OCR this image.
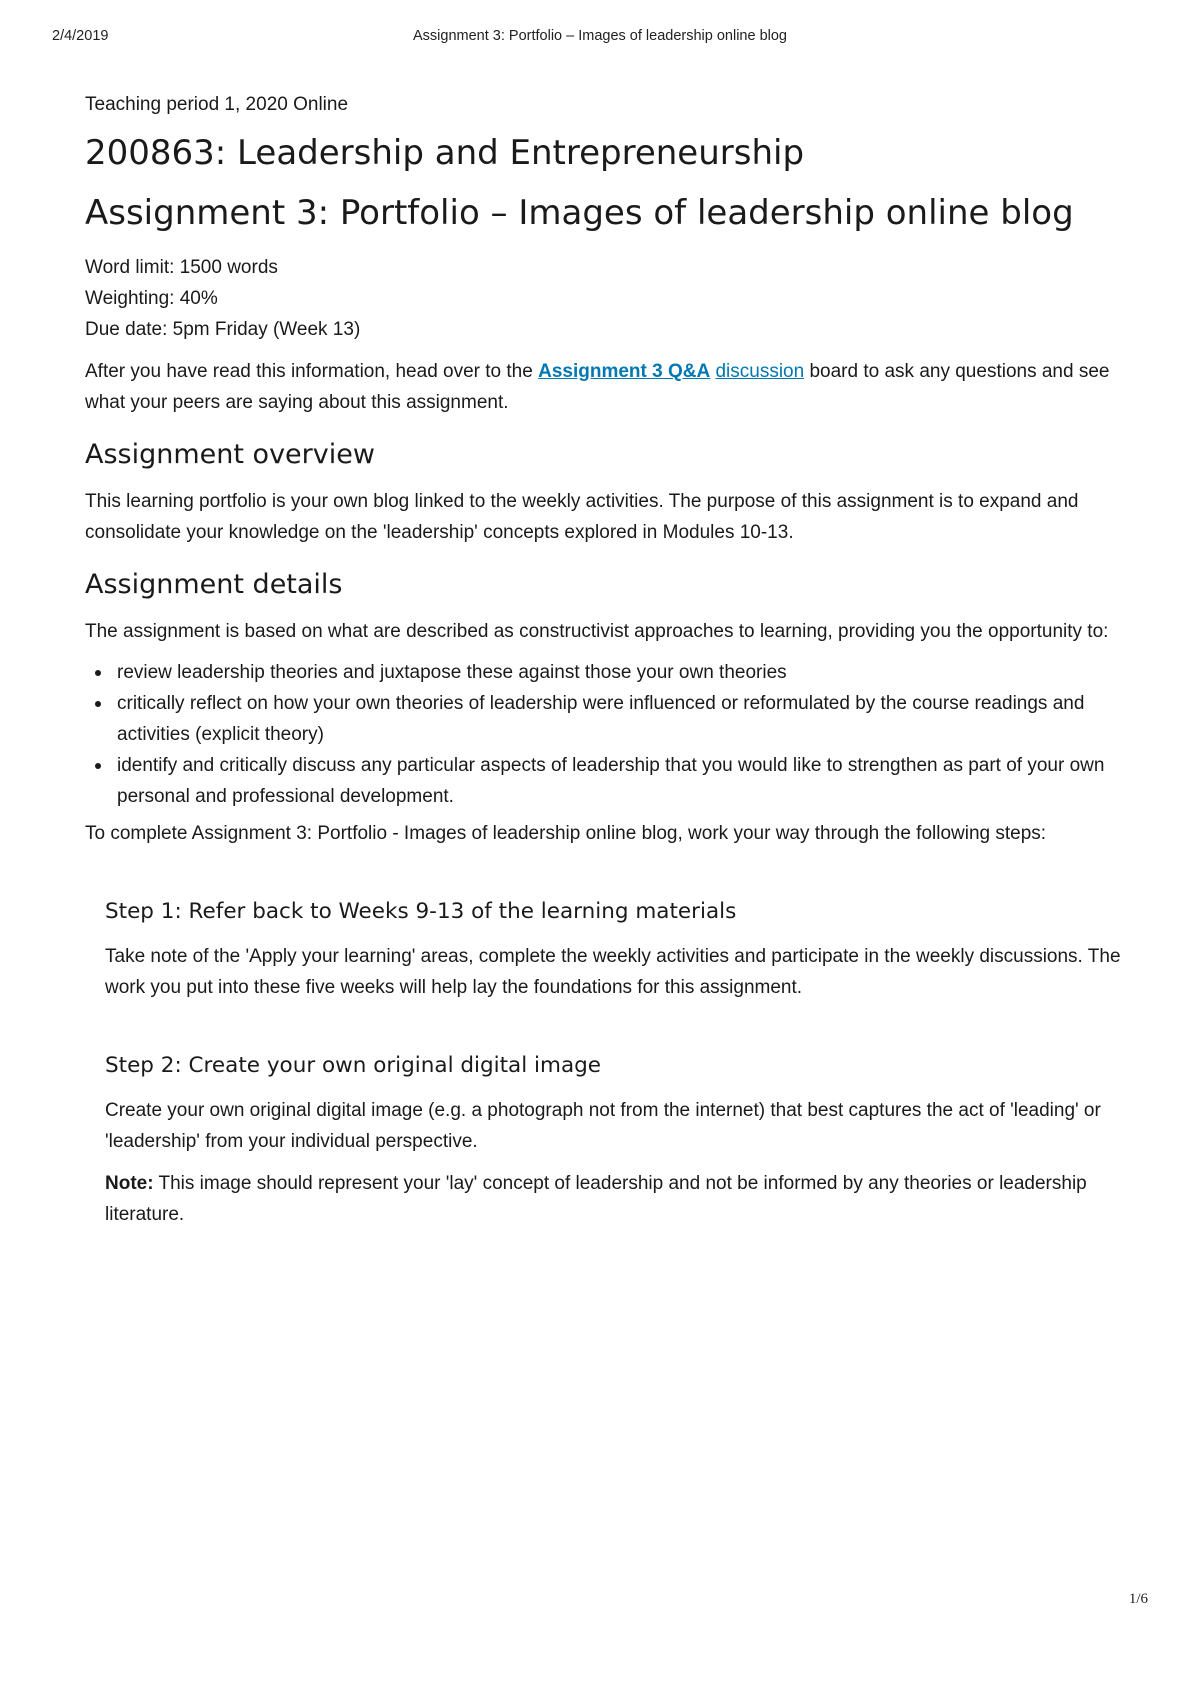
2/4/2019	Assignment 3: Portfolio – Images of leadership online blog
Teaching period 1, 2020 Online
200863: Leadership and Entrepreneurship
Assignment 3: Portfolio – Images of leadership online blog
Word limit: 1500 words
Weighting: 40%
Due date: 5pm Friday (Week 13)

After you have read this information, head over to the Assignment 3 Q&A discussion board to ask any questions and see what your peers are saying about this assignment.

Assignment overview

This learning portfolio is your own blog linked to the weekly activities. The purpose of this assignment is to expand and consolidate your knowledge on the 'leadership' concepts explored in Modules 10-13.

Assignment details

The assignment is based on what are described as constructivist approaches to learning, providing you the opportunity to:

review leadership theories and juxtapose these against those your own theories
critically reflect on how your own theories of leadership were influenced or reformulated by the course readings and activities (explicit theory)
identify and critically discuss any particular aspects of leadership that you would like to strengthen as part of your own personal and professional development.

To complete Assignment 3: Portfolio - Images of leadership online blog, work your way through the following steps:

Step 1: Refer back to Weeks 9-13 of the learning materials

Take note of the 'Apply your learning' areas, complete the weekly activities and participate in the weekly discussions. The work you put into these five weeks will help lay the foundations for this assignment.

Step 2: Create your own original digital image

Create your own original digital image (e.g. a photograph not from the internet) that best captures the act of 'leading' or 'leadership' from your individual perspective.

Note: This image should represent your 'lay' concept of leadership and not be informed by any theories or leadership literature.

1/6
